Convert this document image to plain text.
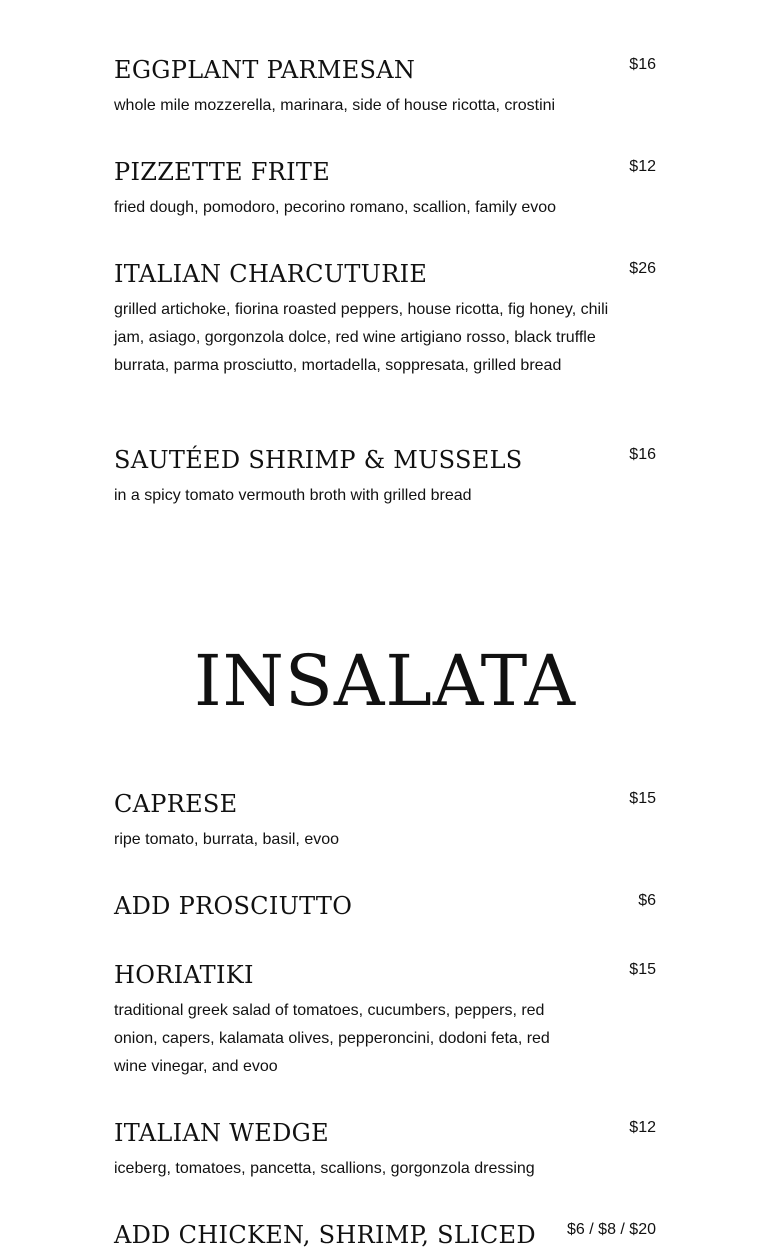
EGGPLANT PARMESAN	$16
whole mile mozzerella, marinara, side of house ricotta, crostini
PIZZETTE FRITE	$12
fried dough, pomodoro, pecorino romano, scallion, family evoo
ITALIAN CHARCUTURIE	$26
grilled artichoke, fiorina roasted peppers, house ricotta, fig honey, chili jam, asiago, gorgonzola dolce, red wine artigiano rosso, black truffle burrata, parma prosciutto, mortadella, soppresata, grilled bread
SAUTÉED SHRIMP & MUSSELS	$16
in a spicy tomato vermouth broth with grilled bread
INSALATA
CAPRESE	$15
ripe tomato, burrata, basil, evoo
ADD PROSCIUTTO	$6
HORIATIKI	$15
traditional greek salad of tomatoes, cucumbers, peppers, red onion, capers, kalamata olives, pepperoncini, dodoni feta, red wine vinegar, and evoo
ITALIAN WEDGE	$12
iceberg, tomatoes, pancetta, scallions, gorgonzola dressing
ADD CHICKEN, SHRIMP, SLICED	$6 / $8 / $20
